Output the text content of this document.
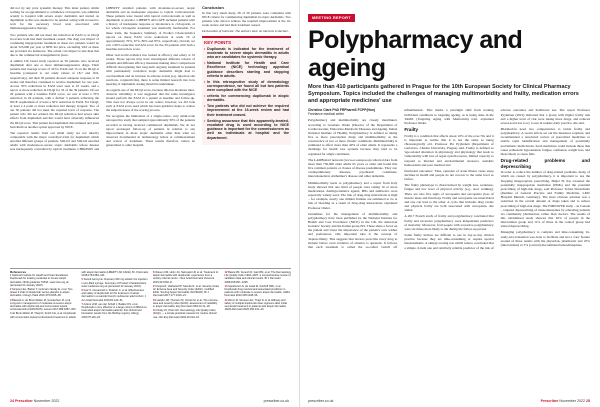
did not try any prior systemic therapy. This latter patient, whilst waiting for an appointment to commence ciclosporin, was admitted acutely to hospital with severe atopic dermatitis and started on dupilumab as this was deemed to be quicker acting with no need to wait for the necessary blood tests associated with immunosuppressive therapy.

Two patients who did not meet the reduction in EASI or in DLQI in review both had their treatment ceased. The drug cost impact of continuing inappropriate treatment in these two patients would be about £23,600 per year at NHS list price, excluding VAT as these are provided via homecare. The actual cost impact is less than this due to the commercial arrangement in place.

A similar UK based study reported on 39 patients who received dupilumab after one or more immunosuppressive drugs. Their patients had average scores of 20 for EASI and 15 on the DLQI at baseline (compared to our study values of 18.7 and 16.9, respectively). All their 39 patients showed adequate response at 16 weeks and therefore continued to receive dupilumab for one year. Across 70% reductions in EASI were seen at 16 weeks, and a report or more reduction in DLQI for 33 of the 39 patients. Of our 29 patients with a baseline EASI score, we saw at least a 70% reduction in 26 patients, with a further 3 patients achieving the NICE requirement of at least a 50% reduction in EASI. For DLQI, at least a 4 point or more reduction had therapy stopped. Two of our 30 patients did not meet the required level of response. The patient who did not achieve the DLQI reduction had severe skin effects from dupilumab and this would have adversely influenced the DLQI score. This patient had dupilumab discontinued and joins baricitinib as another option approved by NICE.

The reported results from our small study are not directly comparable with the major controlled trials for dupilumab which enrolled different groups of patients. SOLO1 and SOLO2 enrolled adults with moderate-to-severe atopic dermatitis whose disease was inadequately controlled by topical treatment. CHRONOS and LIBERTY enrolled patients with moderate-to-severe atopic dermatitis and an inadequate response to topical corticosteroids. These patients were treated with topical corticosteroids as well as dupilumab or placebo. LIBERTY AD CAFE included patients with a history of inadequate response or intolerance to ciclosporin, or for whom ciclosporin treatment was medically inadvisable. For these trials, the Sequence Summary of Product Characteristics reports on mean EASI score reductions at week 16 of approximately 70%, 67%, 80% and 85%, respectively. Overall, we saw a 90% reduction in EASI score for the 29 patients with both a baseline and review score.

Other real-world evidence has looked at efficacy and safety at 52 weeks. Those reports may have investigated different cohorts of patients and different efficacy measures making direct comparisons difficult. Recognising that long-term ongoing treatment in patients with permanently controlled atopic dermatitis might lead to overtreatment and an increase in adverse events (e.g. injection site reactions, conjunctivitis), there is some limited research into how tapering of dupilumab dosing should be undertaken.

As regards use of the DLQI score, because this has moderate inter-observer reliability, it was suggested that the same investigator should perform the EASI in a patient at baseline and follow-up. This does not always occur in our centre; however, we did look each at EASI score used which has been guidance helps to reduce the subjectiveness of the scoring process.

We recognise the limitations of a single-centre, very small-scale retrospective study that sampled approximately 30% of the patients recorded as having received commenced dupilumab. We do not report prolonged follow-up of patients in relation to any improvement in those atopic dermatitis other than what we observed documented in dermatology letters at commencement and review of treatment. These results therefore cannot be generalised to other hospital.

Conclusion

In this very small study, 28 of 30 patients were compliant with NICE criteria for commencing dupilumab in atopic dermatitis. Two patients who did not achieve the required improvement at the 16-week review and had their treatment ceased.

Declaration of interests: The authors have no interests to declare.

KEY POINTS
• Dupilumab is indicated for the treatment of moderate to severe atopic dermatitis in adults who are candidates for systemic therapy.
• National Institute for Health and Care Excellence (NICE) technology appraisal guidance describes starting and stopping criteria in adults.
• In this retrospective study of dermatology correspondence, we found all but two patients were compliant with the NICE
• criteria for commencing dupilumab in atopic dermatitis.
• Two patients who did not achieve the required improvement at the 16-week review and had their treatment ceased.
• Seeking assurance that this apparently-treated-escalated drug is used according to NICE guidance is important for the commissioners as well as individuals at hospital and the department.
References
1 National Institute for Health and Care Excellence. Dupilumab for treating moderate to severe atopic dermatitis. NICE guidance TA534, www.nice.org.uk (accessed 24 January 2022).
2 Simpson EL, Bieber T, Guttman-Yassky E, et al. Two phase 3 trials of dupilumab versus placebo in atopic dermatitis. N Engl J Med 2016;375:2335–48.
3 Blauvelt A, de Bruin-Weller M, Gooderham M, et al. Long-term management of moderate-to-severe atopic dermatitis with dupilumab and concomitant topical corticosteroids (CHRONOS). Lancet 2017;389:2287–303.
4 de Bruin-Weller M, Thaçi D, Smith CH, et al. Dupilumab with concomitant topical corticosteroid treatment in adults with atopic dermatitis (LIBERTY AD CAFÉ). Br J Dermatol 2018;178:1083–101.
5 Sanofi Genzyme. Dupixent 300 mg solution for injection in pre-filled syringe. Summary of Product Characteristics. www.medicines.org.uk (accessed 24 January 2022).
6 Faiz S, Giovannelli J, Podevin C, et al. Effectiveness and safety of dupilumab for the treatment of atopic dermatitis in a real-life French multicenter adult cohort. J Am Acad Dermatol 2019;81:143–51.
7 Ariëns LFM, van der Schaft J, Bakker DS, et al. Dupilumab is very effective in a large cohort of difficult-to-treat adult atopic dermatitis patients: first clinical and biomarker results from the BioDay registry. Allergy 2020;75:116–26.
8 Olesen CM, Holm JG, Nørreslet LB, et al. Treatment of atopic dermatitis with dupilumab: experience from a tertiary referral centre. J Eur Acad Dermatol Venereol 2019;33:1562–8.
9 Chopra R, Vakharia PP, Sacotte R, et al. Severity strata for Eczema Area and Severity Index (EASI), modified EASI, Scoring Atopic Dermatitis (SCORAD). Br J Dermatol 2017;177:1316–21.
10 Hanifin JM, Thurston M, Omoto M, et al. The eczema area and severity index (EASI): assessment of reliability in atopic dermatitis. Exp Dermatol 2001;10:11–18.
11 Finlay AY, Khan GK. Dermatology Life Quality Index (DLQI) — a simple practical measure for routine clinical use. Clin Exp Dermatol 1994;19:210–16.
12 Basra MK, Fenech R, Gatt RM, et al. The Dermatology Life Quality Index 1994–2007: a comprehensive review of validation data and clinical results. Br J Dermatol 2008;159:997–1035.
13 Spekhorst LS, de Graaf M, Zuithoff NPA, et al. Dupilumab drug survival and associated predictors in patients with moderate to severe atopic dermatitis. JAMA Dermatol 2022;158:1048–56.
14 Worm M, Simpson EL, Thaçi D, et al. Efficacy and safety of multiple dupilumab dose regimens after initial successful treatment in patients with atopic dermatitis. JAMA Dermatol 2020;156:131–43.
24 Prescriber November 2022	prescriber.co.uk
MEETING REPORT
Polypharmacy and ageing

More than 410 participants gathered in Prague for the 10th European Society for Clinical Pharmacy Symposium. Topics included the challenges of managing multimorbidity and frailty, medication errors and appropriate medicines' use

Christine Clark PhD FRPharmS FCPP(Hon)
Freelance medical writer

Polypharmacy and multimorbidity are closely interlinked, according to Graziano Onder (Director of the Department of Cardiovascular, Endocrine-Metabolic Diseases and Ageing, Italian National Institute of Health). Polypharmacy is defined as taking five or more prescription drugs and multimorbidity as the concurrence of two or more chronic conditions. Multimorbidity is estimated to affect more than 40% of older adults. It represents a challenge for health care systems because they tend to be organised for single conditions.

The LAMBAGO network (www.ec.europa.eu) collected data from more than 750,000 older adults 65 years or older and found that five common patterns or classes of disease predominate. They are: cardiopulmonary diseases, psychiatric conditions, musculoskeletal, Alzheimer's disease and other dementia.

Multimorbidity leads to polypharmacy and a report from Italy study showed that one third of people were taking 10 or more medications. Antihypertensive agents, PPIs and antibiotics were especially widely used. The risk of drug-drug interactions is high – for example, nearly one million Italians are estimated to be at risk of bleeding as a result of drug-drug interactions, explained Professor Onder.

Guidelines for the management of multimorbidity and polypharmacy have been published by the National Institute for Health and Care Excellence (NICE) in the UK, the American Geriatric Society and the Italian group ISS. These share a focus on the patient and stress the importance of the patient's own wishes and preferences. One important idea is the concept of 'deprescribing'. This suggests that doctors prescribe every drug to include before even evidence of absence is apparent. It follows that each treatment is called the so-called 'switch off inflammation'. This marks a paradigm shift from treating individual conditions to targeting ageing, as is being done in the TAME (Targeting Aging with Metformin) trial, explained Professor Onder.

Frailty

Frailty is a condition that affects about 10% of the over-70s and it is important to realise that it is not the same as being chronologically old. Professor Pia Pyykönen (Department of Geriatrics, Charles University, Prague) said. Frailty is defined as 'age-related alteration in physiology and physiology that leads to vulnerability with loss of organ system reserve, limited capacity to respond to internal and environmental stressors, unstable homeostasis and poor medical and

functional outcomes'. Thus, episodes of acute illness cause steep declines in health and people do not recover to the same level as before.

The frailty phenotype is characterised by weight loss, weakness, fatigue and low level of physical activity (e.g., slow walking). There are also five signs of sarcopenia and sarcopenia (loss of muscle mass and function). Frailty and sarcopenia are interrelated and one can lead to the other. A cycle that includes drug events and physical frailty are both associated with sarcopenia, she added.

A 2017 French study of frailty and polypharmacy concluded that frailty and excessive polypharmacy were independent predictors of mortality. Moreover, frail people with excessive polypharmacy were six times more likely to die during the follow-up period.

Some frailty indices are difficult to use in day-to-day clinical practice because they are time-consuming or require special measurements. A simply-scoring test which reduce concluded that a simple, 6-item one and relatively reliable predictor of the risk of adverse outcomes and healthcare use. The report Professor Pyykönen (2019) indicated that a group with higher frailty risk and a higher level of risk were taking more drugs, and reduced severe-level use to try to use in routine daily practice, she said.

Pharmacists need two competencies to tackle frailty and polypharmacy. A recent article set out the measures required, and recommended a structured review of prescribed medicines to enable rapid identification and management of potentially problematic medications. Such medicines could include those that cause orthostatic hypotension, fatigue, confusion, weight loss, and those likely to cause falls.

Drug-related problems and deprescribing

In order to reduce the number of drug-related problems, many of which are caused by polypharmacy, it is important to use the Stopping Inappropriate prescribing, Heijer H, has screened the potentially inappropriate medicines (PIMs) and the potential prescribing of high-risk drugs, said Professor Tobias Dreischulte (Institute of General Practice and Family Medicine, LMU Hospital Munich, Germany). The most obvious solution was a reduction in the overall amount of drugs taken and to reduce prescribing of high-risk drugs. The EMPOWER study – in Canada – targeted deprescribing of benzodiazepines by educating patients via community pharmacists, rather than doctors. The results of this randomised study showed that 62% of people in the intervention group and 11% of those in the control group had started deprescribing.

Managing polypharmacy is complex and time-consuming. In-study-test evaluation was done to facilitate and test a 'care' feature around of these results with the physician, pharmacist and 25% (intervention) vs 5% (control) discontinued benzodiazepines.

prescriber.co.uk	Prescriber November 2022 25
